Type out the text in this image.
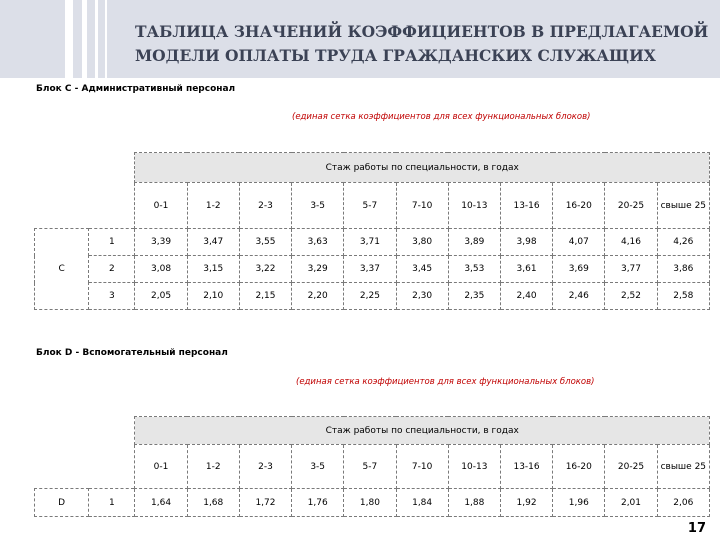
ТАБЛИЦА ЗНАЧЕНИЙ КОЭФФИЦИЕНТОВ В ПРЕДЛАГАЕМОЙ
МОДЕЛИ ОПЛАТЫ ТРУДА ГРАЖДАНСКИХ СЛУЖАЩИХ
Блок С - Административный персонал
(единая сетка коэффициентов для всех функциональных блоков)
		Стаж работы по специальности, в годах										
		0-1	1-2	2-3	3-5	5-7	7-10	10-13	13-16	16-20	20-25	свыше 25
С	1	3,39	3,47	3,55	3,63	3,71	3,80	3,89	3,98	4,07	4,16	4,26
	2	3,08	3,15	3,22	3,29	3,37	3,45	3,53	3,61	3,69	3,77	3,86
	3	2,05	2,10	2,15	2,20	2,25	2,30	2,35	2,40	2,46	2,52	2,58
Блок D - Вспомогательный персонал
(единая сетка коэффициентов для всех функциональных блоков)
		Стаж работы по специальности, в годах										
		0-1	1-2	2-3	3-5	5-7	7-10	10-13	13-16	16-20	20-25	свыше 25
D	1	1,64	1,68	1,72	1,76	1,80	1,84	1,88	1,92	1,96	2,01	2,06
17
